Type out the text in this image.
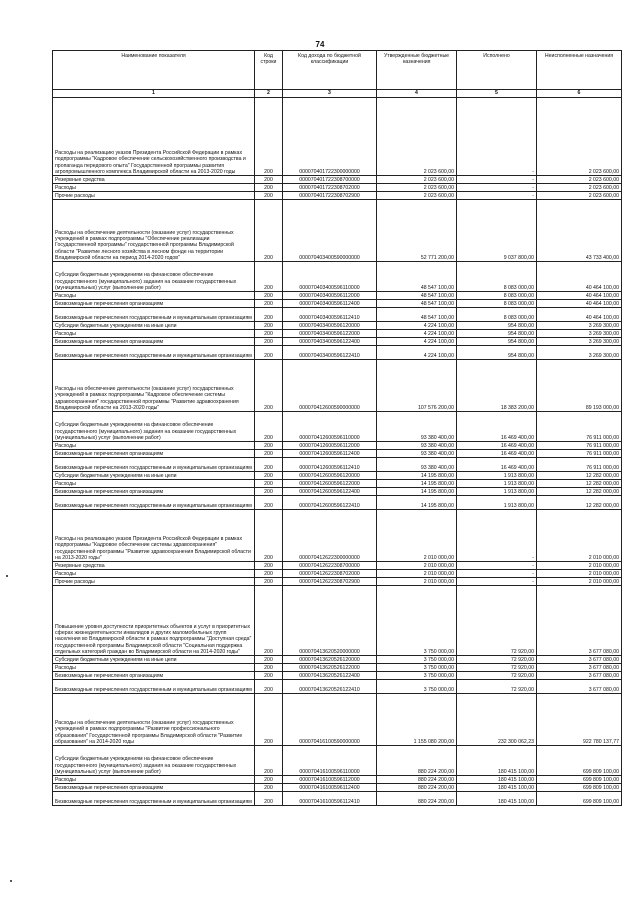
74
Наименование показателя	Код строки	Код дохода по бюджетной классификации	Утвержденные бюджетные назначения	Исполнено	Неисполненные назначения
1	2	3	4	5	6
Расходы на реализацию указов Президента Российской Федерации в рамках подпрограммы "Кадровое обеспечение сельскохозяйственного производства и пропаганда передового опыта" Государственной программы развития агропромышленного комплекса Владимирской области на 2013-2020 годы	200	000070401722300000000	2 023 600,00	-	2 023 600,00
Резервные средства	200	000070401722308700000	2 023 600,00	-	2 023 600,00
Расходы	200	000070401722308702000	2 023 600,00	-	2 023 600,00
Прочие расходы	200	000070401722308702900	2 023 600,00	-	2 023 600,00
Расходы на обеспечение деятельности (оказание услуг) государственных учреждений в рамках подпрограммы "Обеспечение реализации Государственной программы" государственной программы Владимирской области "Развитие лесного хозяйства в лесном фонде на территории Владимирской области на период 2014-2020 годов"	200	000070403400590000000	52 771 200,00	9 037 800,00	43 733 400,00
Субсидии бюджетным учреждениям на финансовое обеспечение государственного (муниципального) задания на оказание государственных (муниципальных) услуг (выполнение работ)	200	000070403400596110000	48 547 100,00	8 083 000,00	40 464 100,00
Расходы	200	000070403400596112000	48 547 100,00	8 083 000,00	40 464 100,00
Безвозмездные перечисления организациям	200	000070403400596112400	48 547 100,00	8 083 000,00	40 464 100,00
Безвозмездные перечисления государственным и муниципальным организациям	200	000070403400596112410	48 547 100,00	8 083 000,00	40 464 100,00
Субсидии бюджетным учреждениям на иные цели	200	000070403400596120000	4 224 100,00	954 800,00	3 269 300,00
Расходы	200	000070403400596122000	4 224 100,00	954 800,00	3 269 300,00
Безвозмездные перечисления организациям	200	000070403400596122400	4 224 100,00	954 800,00	3 269 300,00
Безвозмездные перечисления государственным и муниципальным организациям	200	000070403400596122410	4 224 100,00	954 800,00	3 269 300,00
Расходы на обеспечение деятельности (оказание услуг) государственных учреждений в рамках подпрограммы "Кадровое обеспечение системы здравоохранения" государственной программы "Развитие здравоохранения Владимирской области на 2013-2020 годы"	200	000070412600590000000	107 576 200,00	18 383 200,00	89 193 000,00
Субсидии бюджетным учреждениям на финансовое обеспечение государственного (муниципального) задания на оказание государственных (муниципальных) услуг (выполнение работ)	200	000070412600596110000	93 380 400,00	16 469 400,00	76 911 000,00
Расходы	200	000070412600596112000	93 380 400,00	16 469 400,00	76 911 000,00
Безвозмездные перечисления организациям	200	000070412600596112400	93 380 400,00	16 469 400,00	76 911 000,00
Безвозмездные перечисления государственным и муниципальным организациям	200	000070412600596112410	93 380 400,00	16 469 400,00	76 911 000,00
Субсидии бюджетным учреждениям на иные цели	200	000070412600596120000	14 195 800,00	1 913 800,00	12 282 000,00
Расходы	200	000070412600596122000	14 195 800,00	1 913 800,00	12 282 000,00
Безвозмездные перечисления организациям	200	000070412600596122400	14 195 800,00	1 913 800,00	12 282 000,00
Безвозмездные перечисления государственным и муниципальным организациям	200	000070412600596122410	14 195 800,00	1 913 800,00	12 282 000,00
Расходы на реализацию указов Президента Российской Федерации в рамках подпрограммы "Кадровое обеспечение системы здравоохранения" государственной программы "Развитие здравоохранения Владимирской области на 2013-2020 годы"	200	000070412622300000000	2 010 000,00	-	2 010 000,00
Резервные средства	200	000070412622308700000	2 010 000,00	-	2 010 000,00
Расходы	200	000070412622308702000	2 010 000,00	-	2 010 000,00
Прочие расходы	200	000070412622308702900	2 010 000,00	-	2 010 000,00
Повышение уровня доступности приоритетных объектов и услуг в приоритетных сферах жизнедеятельности инвалидов и других маломобильных групп населения во Владимирской области в рамках подпрограммы "Доступная среда" государственной программы Владимирской области "Социальная поддержка отдельных категорий граждан во Владимирской области на 2014-2020 годы"	200	000070413620520000000	3 750 000,00	72 920,00	3 677 080,00
Субсидии бюджетным учреждениям на иные цели	200	000070413620526120000	3 750 000,00	72 920,00	3 677 080,00
Расходы	200	000070413620526122000	3 750 000,00	72 920,00	3 677 080,00
Безвозмездные перечисления организациям	200	000070413620526122400	3 750 000,00	72 920,00	3 677 080,00
Безвозмездные перечисления государственным и муниципальным организациям	200	000070413620526122410	3 750 000,00	72 920,00	3 677 080,00
Расходы на обеспечение деятельности (оказание услуг) государственных учреждений в рамках подпрограммы "Развитие профессионального образования" Государственной программы Владимирской области "Развитие образования" на 2014-2020 годы	200	000070416100590000000	1 155 080 200,00	232 300 062,23	922 780 137,77
Субсидии бюджетным учреждениям на финансовое обеспечение государственного (муниципального) задания на оказание государственных (муниципальных) услуг (выполнение работ)	200	000070416100596110000	880 224 200,00	180 415 100,00	699 809 100,00
Расходы	200	000070416100596112000	880 224 200,00	180 415 100,00	699 809 100,00
Безвозмездные перечисления организациям	200	000070416100596112400	880 224 200,00	180 415 100,00	699 809 100,00
Безвозмездные перечисления государственным и муниципальным организациям	200	000070416100596112410	880 224 200,00	180 415 100,00	699 809 100,00
